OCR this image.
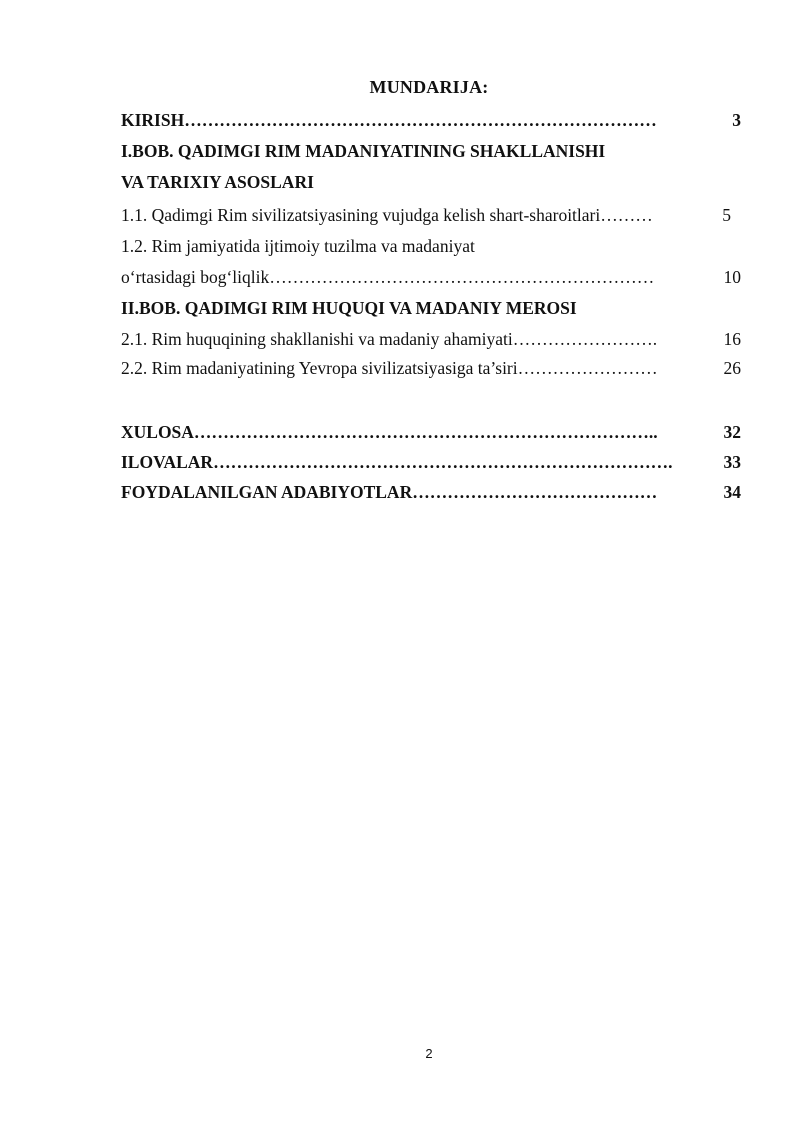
MUNDARIJA:
KIRISH………………………………………………………………………	3
I.BOB. QADIMGI RIM MADANIYATINING SHAKLLANISHI
VA TARIXIY ASOSLARI
1.1. Qadimgi Rim sivilizatsiyasining vujudga kelish shart-sharoitlari………	5
1.2. Rim jamiyatida ijtimoiy tuzilma va madaniyat
o‘rtasidagi bog‘liqlik…………………………………………………………	10
II.BOB. QADIMGI RIM HUQUQI VA MADANIY MEROSI
2.1. Rim huquqining shakllanishi va madaniy ahamiyati…………………….	16
2.2. Rim madaniyatining Yevropa sivilizatsiyasiga ta’siri……………………	26
XULOSA……………………………………………………………………..	32
ILOVALAR…………………………………………………………………….	33
FOYDALANILGAN ADABIYOTLAR……………………………………	34
2
